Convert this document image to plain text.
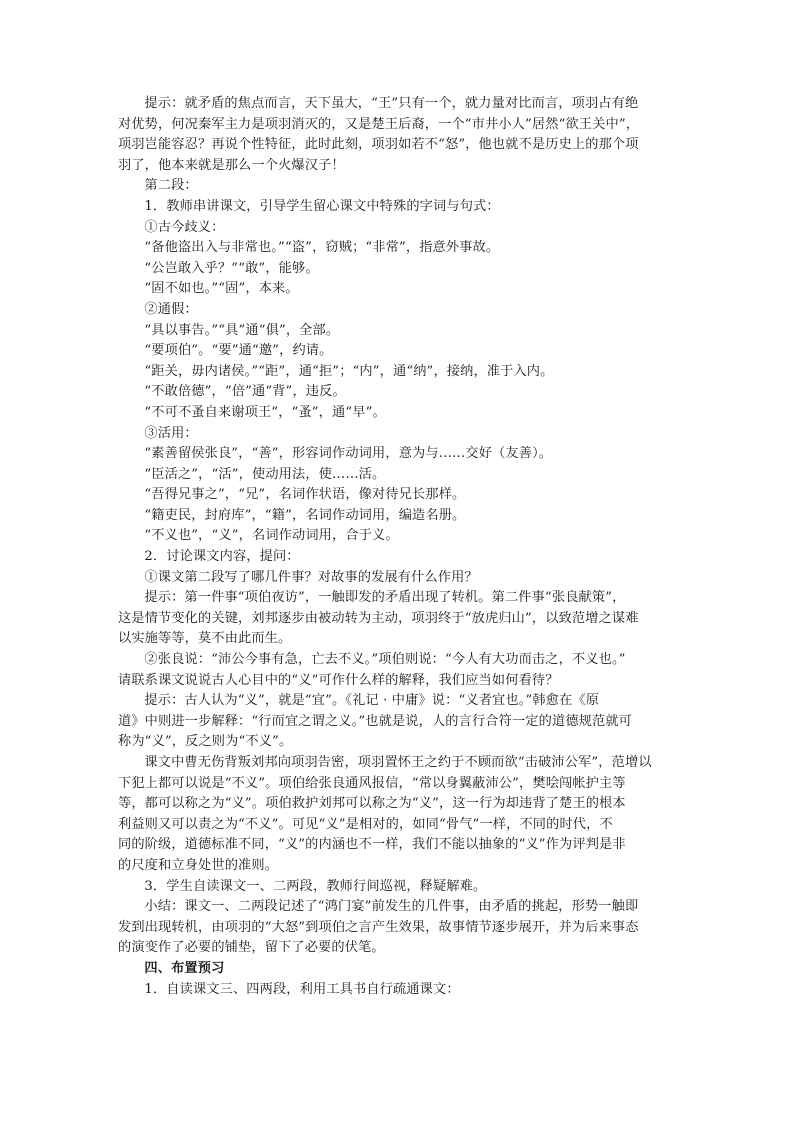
提示：就矛盾的焦点而言，天下虽大，“王”只有一个，就力量对比而言，项羽占有绝
对优势，何况秦军主力是项羽消灭的，又是楚王后裔，一个“市井小人”居然“欲王关中”，
项羽岂能容忍？再说个性特征，此时此刻，项羽如若不“怒”，他也就不是历史上的那个项
羽了，他本来就是那么一个火爆汉子！
第二段：
1．教师串讲课文，引导学生留心课文中特殊的字词与句式：
①古今歧义：
“备他盗出入与非常也。”“盗”，窃贼；“非常”，指意外事故。
“公岂敢入乎？”“敢”，能够。
“固不如也。”“固”，本来。
②通假：
“具以事告。”“具”通“俱”，全部。
“要项伯”。“要”通“邀”，约请。
“距关，毋内诸侯。”“距”，通“拒”；“内”，通“纳”，接纳，准于入内。
“不敢倍德”，“倍”通“背”，违反。
“不可不蚤自来谢项王”，“蚤”，通“早”。
③活用：
“素善留侯张良”，“善”，形容词作动词用，意为与……交好（友善）。
“臣活之”，“活”，使动用法，使……活。
“吾得兄事之”，“兄”，名词作状语，像对待兄长那样。
“籍吏民，封府库”，“籍”，名词作动词用，编造名册。
“不义也”，“义”，名词作动词用，合于义。
2．讨论课文内容，提问：
①课文第二段写了哪几件事？对故事的发展有什么作用？
提示：第一件事“项伯夜访”，一触即发的矛盾出现了转机。第二件事“张良献策”，
这是情节变化的关键，刘邦逐步由被动转为主动，项羽终于“放虎归山”，以致范增之谋难
以实施等等，莫不由此而生。
②张良说：“沛公今事有急，亡去不义。”项伯则说：“今人有大功而击之，不义也。”
请联系课文说说古人心目中的“义”可作什么样的解释，我们应当如何看待？
提示：古人认为“义”，就是“宜”。《礼记 · 中庸》说：“义者宜也。”韩愈在《原
道》中则进一步解释：“行而宜之谓之义。”也就是说，人的言行合符一定的道德规范就可
称为“义”，反之则为“不义”。
课文中曹无伤背叛刘邦向项羽告密，项羽置怀王之约于不顾而欲“击破沛公军”，范增以
下犯上都可以说是“不义”。项伯给张良通风报信，“常以身翼蔽沛公”，樊哙闯帐护主等
等，都可以称之为“义”。项伯救护刘邦可以称之为“义”，这一行为却违背了楚王的根本
利益则又可以责之为“不义”。可见“义”是相对的，如同“骨气”一样，不同的时代，不
同的阶级，道德标准不同，“义”的内涵也不一样，我们不能以抽象的“义”作为评判是非
的尺度和立身处世的准则。
3．学生自读课文一、二两段，教师行间巡视，释疑解难。
小结：课文一、二两段记述了“鸿门宴”前发生的几件事，由矛盾的挑起，形势一触即
发到出现转机，由项羽的“大怒”到项伯之言产生效果，故事情节逐步展开，并为后来事态
的演变作了必要的铺垫，留下了必要的伏笔。
四、布置预习
1．自读课文三、四两段，利用工具书自行疏通课文：
